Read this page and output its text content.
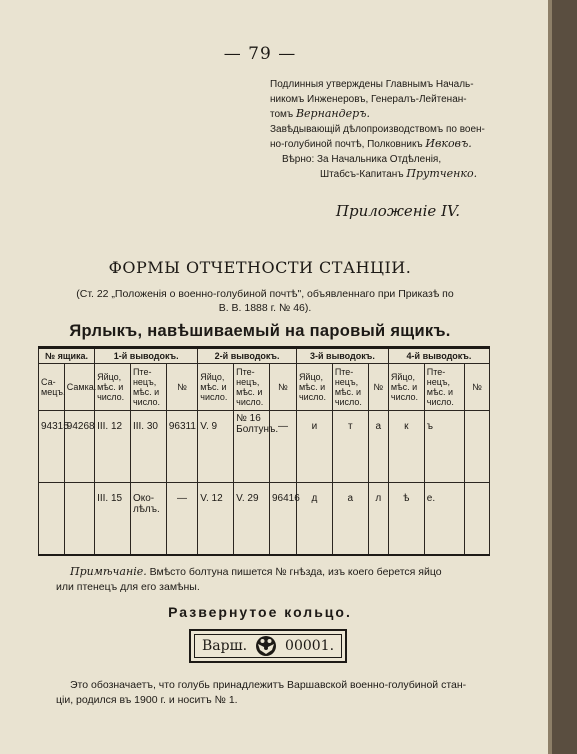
— 79 —
Подлинныя утверждены Главнымъ Началь-
никомъ Инженеровъ, Генералъ-Лейтенан-
томъ Вернандеръ.
Завѣдывающій дѣлопроизводствомъ по воен-
но-голубиной почтѣ, Полковникъ Ивковъ.
Вѣрно: За Начальника Отдѣленія,
Штабсъ-Капитанъ Прутченко.
Приложеніе IV.
ФОРМЫ ОТЧЕТНОСТИ СТАНЦІИ.
(Ст. 22 „Положенія о военно-голубиной почтѣ", объявленнаго при Приказѣ по
В. В. 1888 г. № 46).
Ярлыкъ, навѣшиваемый на паровый ящикъ.
№ ящика.		1-й выводокъ.			2-й выводокъ.			3-й выводокъ.			4-й выводокъ.		
Са-мецъ.	Самка.	Яйцо, мѣс. и число.	Пте-нецъ, мѣс. и число.	№	Яйцо, мѣс. и число.	Пте-нецъ, мѣс. и число.	№	Яйцо, мѣс. и число.	Пте-нецъ, мѣс. и число.	№	Яйцо, мѣс. и число.	Пте-нецъ, мѣс. и число.	№
94315	94268	III. 12	III. 30	96311	V. 9	№ 16 Болтунъ.	—	и	т	а	к	ъ	
		III. 15	Око-лѣлъ.	—	V. 12	V. 29	96416	д	а	л	ѣ	е.	
Примѣчаніе. Вмѣсто болтуна пишется № гнѣзда, изъ коего берется яйцо
или птенецъ для его замѣны.
Развернутое кольцо.
Варш.	00001.
Это обозначаетъ, что голубь принадлежитъ Варшавской военно-голубиной стан-
ціи, родился въ 1900 г. и носитъ № 1.
